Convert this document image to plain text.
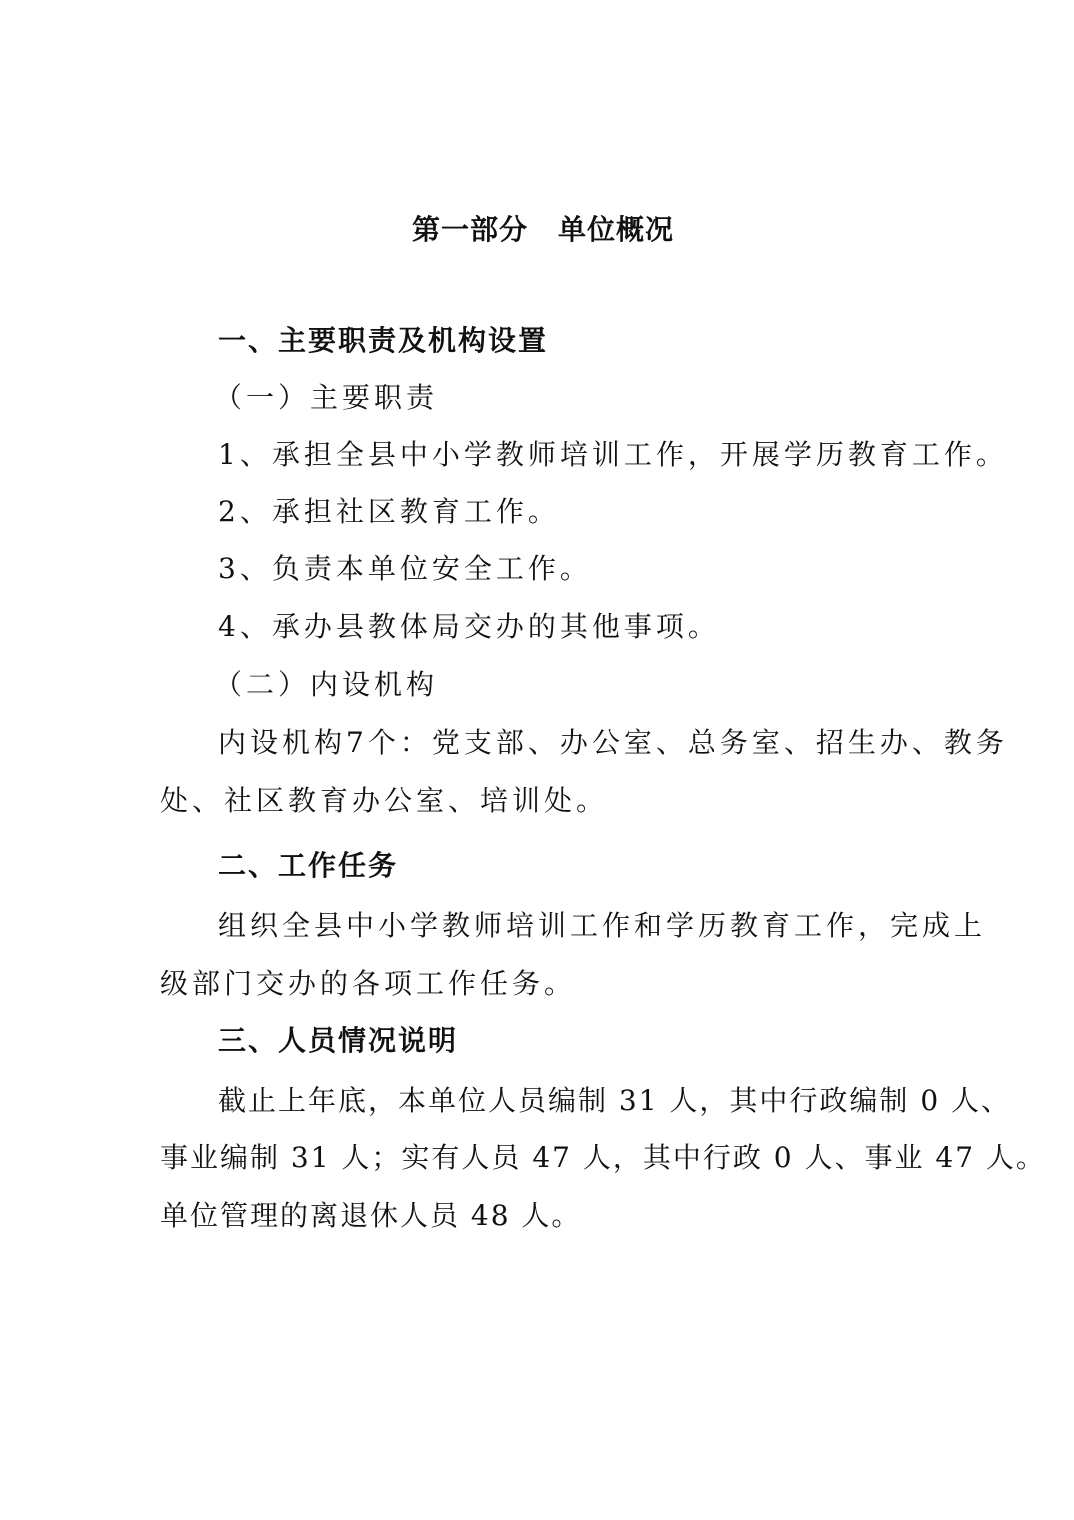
第一部分 单位概况
一、主要职责及机构设置
（一）主要职责
1、承担全县中小学教师培训工作，开展学历教育工作。
2、承担社区教育工作。
3、负责本单位安全工作。
4、承办县教体局交办的其他事项。
（二）内设机构
内设机构7个：党支部、办公室、总务室、招生办、教务
处、社区教育办公室、培训处。
二、工作任务
组织全县中小学教师培训工作和学历教育工作，完成上
级部门交办的各项工作任务。
三、人员情况说明
截止上年底，本单位人员编制 31 人，其中行政编制 0 人、
事业编制 31 人；实有人员 47 人，其中行政 0 人、事业 47 人。
单位管理的离退休人员 48 人。
